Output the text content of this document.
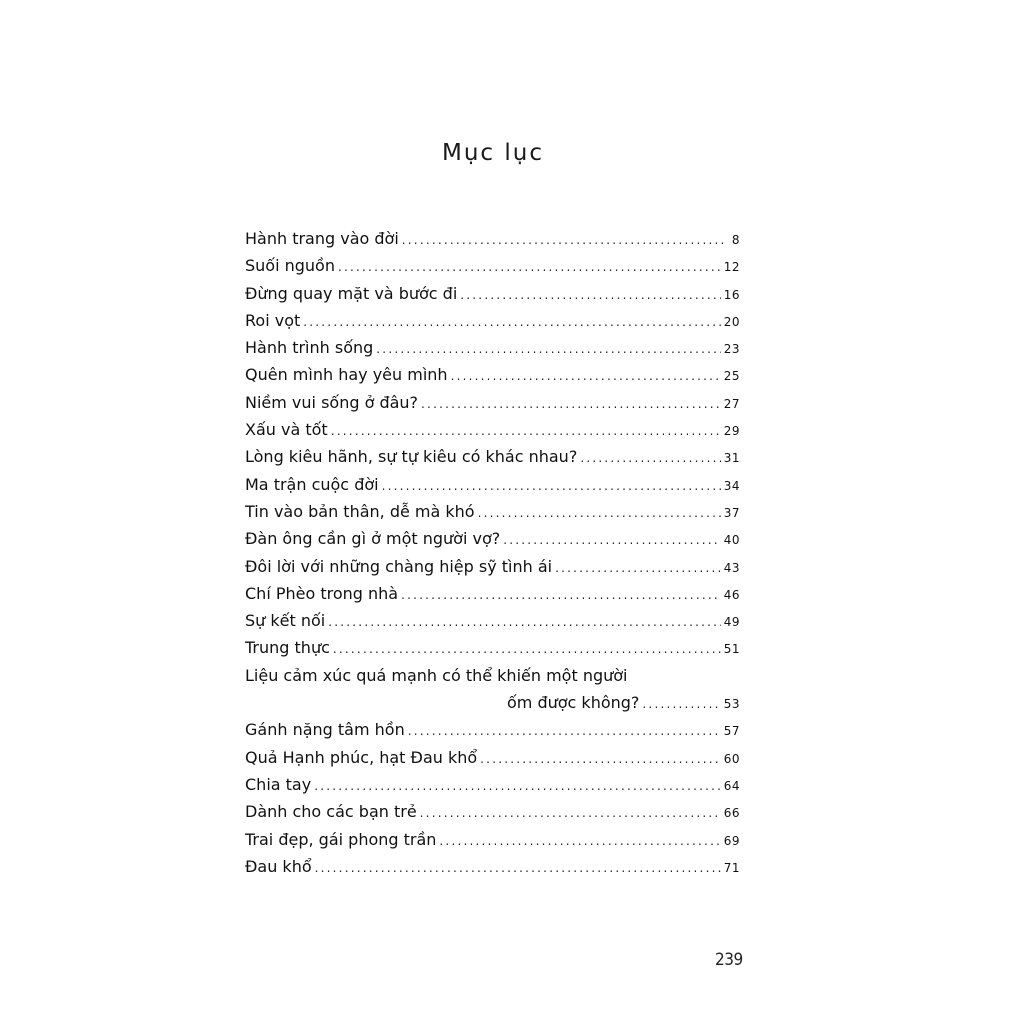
Mục lục
Hành trang vào đời .....	8
Suối nguồn .....	12
Đừng quay mặt và bước đi .....	16
Roi vọt .....	20
Hành trình sống .....	23
Quên mình hay yêu mình .....	25
Niềm vui sống ở đâu? .....	27
Xấu và tốt .....	29
Lòng kiêu hãnh, sự tự kiêu có khác nhau? .....	31
Ma trận cuộc đời .....	34
Tin vào bản thân, dễ mà khó .....	37
Đàn ông cần gì ở một người vợ? .....	40
Đôi lời với những chàng hiệp sỹ tình ái .....	43
Chí Phèo trong nhà .....	46
Sự kết nối .....	49
Trung thực .....	51
Liệu cảm xúc quá mạnh có thể khiến một người
ốm được không? .....	53
Gánh nặng tâm hồn .....	57
Quả Hạnh phúc, hạt Đau khổ .....	60
Chia tay .....	64
Dành cho các bạn trẻ .....	66
Trai đẹp, gái phong trần .....	69
Đau khổ .....	71
239
